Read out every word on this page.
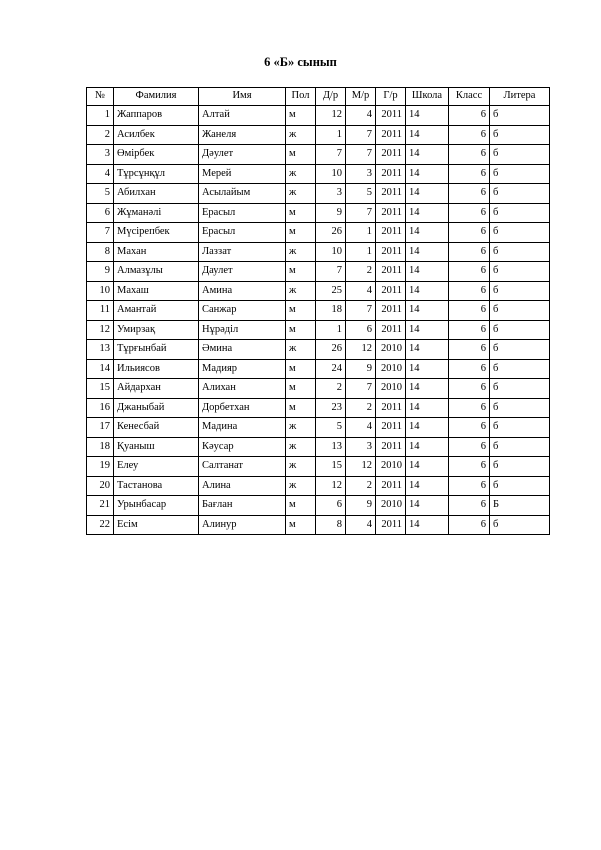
6 «Б» сынып
№	Фамилия	Имя	Пол	Д/р	М/р	Г/р	Школа	Класс	Литера
1	Жаппаров	Алтай	м	12	4	2011	14	6	б
2	Асилбек	Жанеля	ж	1	7	2011	14	6	б
3	Өмірбек	Дәулет	м	7	7	2011	14	6	б
4	Тұрсұнқұл	Мерей	ж	10	3	2011	14	6	б
5	Абилхан	Асылайым	ж	3	5	2011	14	6	б
6	Жұманәлі	Ерасыл	м	9	7	2011	14	6	б
7	Мүсірепбек	Ерасыл	м	26	1	2011	14	6	б
8	Махан	Лаззат	ж	10	1	2011	14	6	б
9	Алмазұлы	Даулет	м	7	2	2011	14	6	б
10	Махаш	Амина	ж	25	4	2011	14	6	б
11	Амантай	Санжар	м	18	7	2011	14	6	б
12	Умирзақ	Нұрәділ	м	1	6	2011	14	6	б
13	Тұрғынбай	Әмина	ж	26	12	2010	14	6	б
14	Ильиясов	Мадияр	м	24	9	2010	14	6	б
15	Айдархан	Алихан	м	2	7	2010	14	6	б
16	Джаныбай	Дорбетхан	м	23	2	2011	14	6	б
17	Кенесбай	Мадина	ж	5	4	2011	14	6	б
18	Қуаныш	Кәусар	ж	13	3	2011	14	6	б
19	Елеу	Салтанат	ж	15	12	2010	14	6	б
20	Тастанова	Алина	ж	12	2	2011	14	6	б
21	Урынбасар	Бағлан	м	6	9	2010	14	6	Б
22	Есім	Алинур	м	8	4	2011	14	6	б
